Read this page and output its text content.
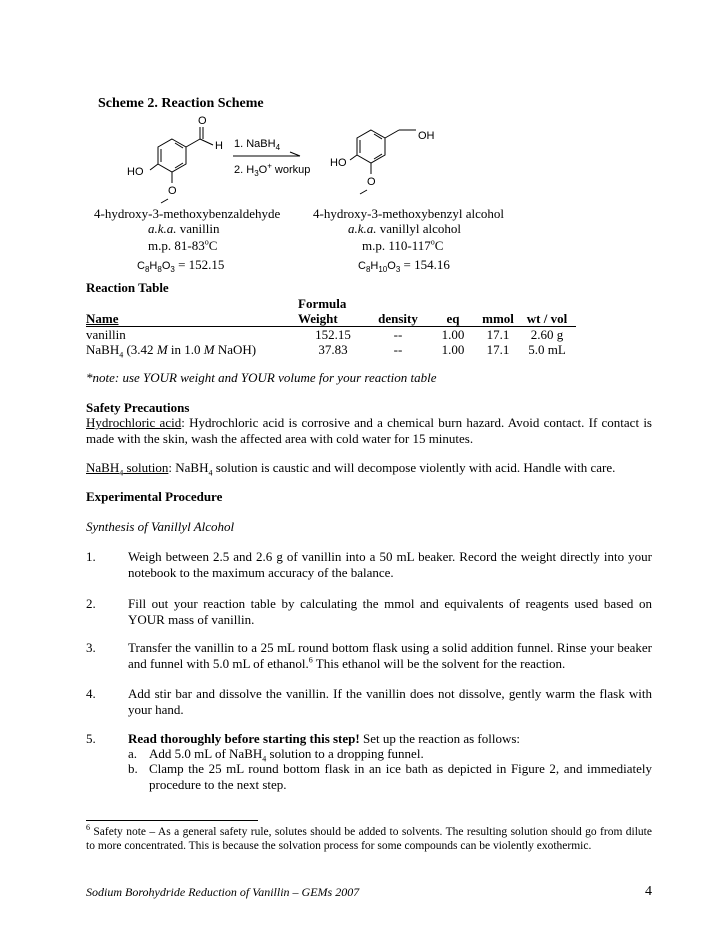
Scheme 2. Reaction Scheme
O
H
HO
O
OH
HO
O
1. NaBH$_4$
2. $H_3O^+$ workup
4-hydroxy-3-methoxybenzaldehyde
a.k.a. vanillin
m.p. 81-83$^o$C
$C_8H_8O_3 = 152.15$
4-hydroxy-3-methoxybenzyl alcohol
a.k.a. vanillyl alcohol
m.p. 110-117$^o$C
$C_8H_{10}O_3 = 154.16$
Reaction Table
	Formula				
Name	Weight	density	eq	mmol	wt / vol
vanillin	152.15	--	1.00	17.1	2.60 g
NaBH$_4$ (3.42 M in 1.0 M NaOH)	37.83	--	1.00	17.1	5.0 mL
*note: use YOUR weight and YOUR volume for your reaction table
Safety Precautions
Hydrochloric acid: Hydrochloric acid is corrosive and a chemical burn hazard. Avoid contact. If contact is made with the skin, wash the affected area with cold water for 15 minutes.
NaBH$_4$ solution: NaBH$_4$ solution is caustic and will decompose violently with acid. Handle with care.
Experimental Procedure
Synthesis of Vanillyl Alcohol
1. Weigh between 2.5 and 2.6 g of vanillin into a 50 mL beaker. Record the weight directly into your notebook to the maximum accuracy of the balance.
2. Fill out your reaction table by calculating the mmol and equivalents of reagents used based on YOUR mass of vanillin.
3. Transfer the vanillin to a 25 mL round bottom flask using a solid addition funnel. Rinse your beaker and funnel with 5.0 mL of ethanol.$^6$ This ethanol will be the solvent for the reaction.
4. Add stir bar and dissolve the vanillin. If the vanillin does not dissolve, gently warm the flask with your hand.
5. Read thoroughly before starting this step! Set up the reaction as follows:
a. Add 5.0 mL of NaBH$_4$ solution to a dropping funnel.
b. Clamp the 25 mL round bottom flask in an ice bath as depicted in Figure 2, and immediately procedure to the next step.
$^6$ Safety note – As a general safety rule, solutes should be added to solvents. The resulting solution should go from dilute to more concentrated. This is because the solvation process for some compounds can be violently exothermic.
Sodium Borohydride Reduction of Vanillin – GEMs 2007	4
